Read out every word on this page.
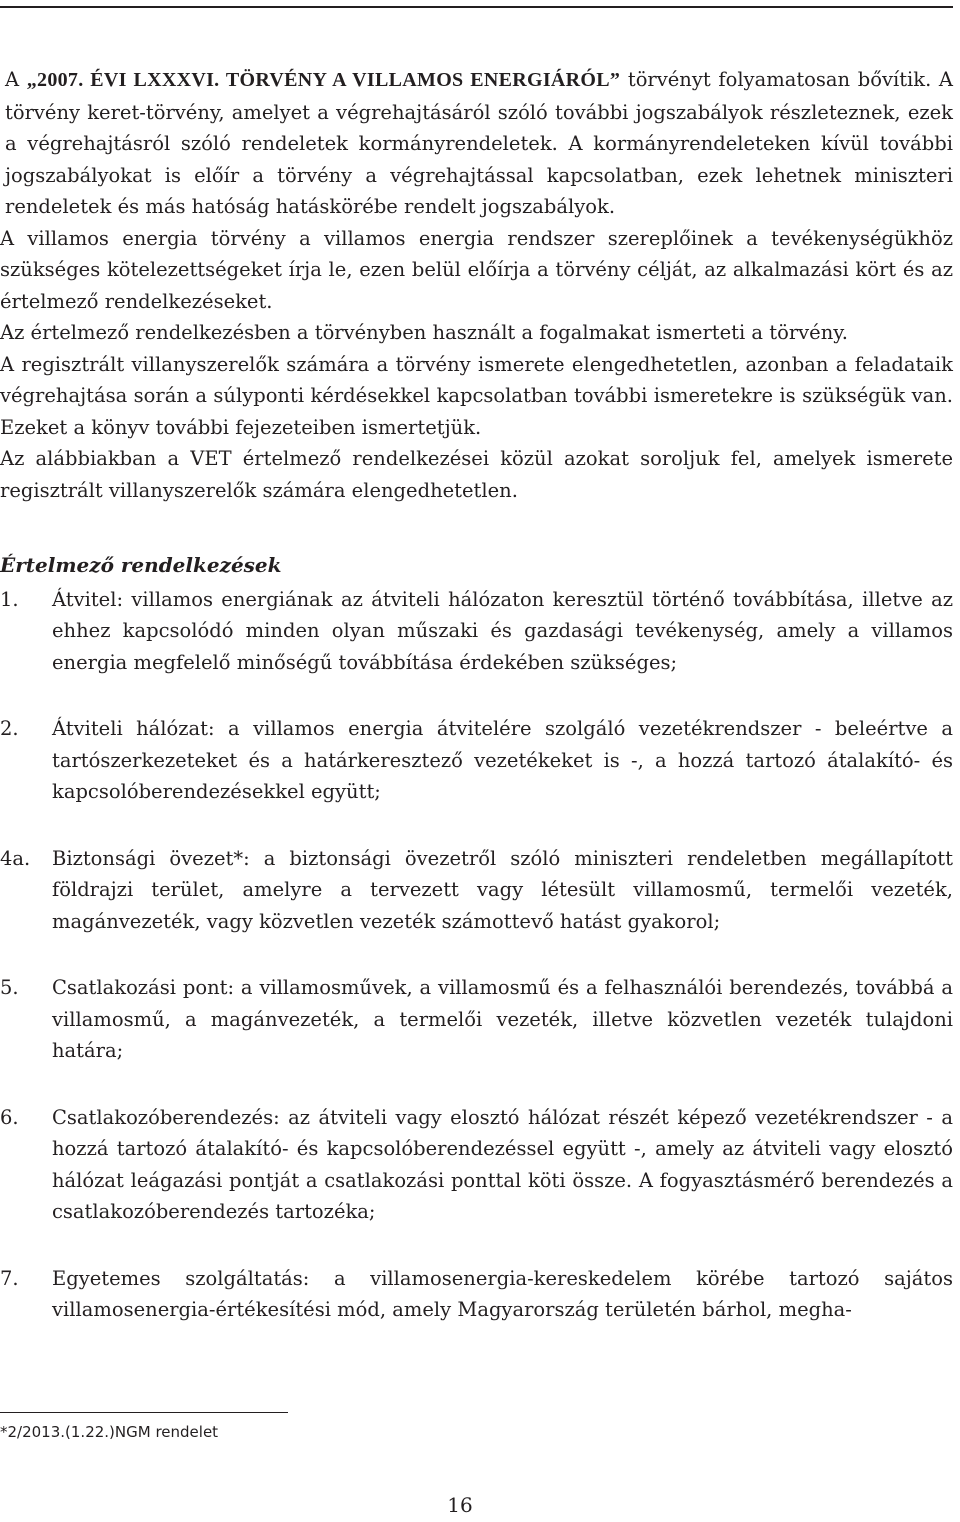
A „2007. ÉVI LXXXVI. TÖRVÉNY A VILLAMOS ENERGIÁRÓL” törvényt folyamatosan bővítik. A törvény keret-törvény, amelyet a végrehajtásáról szóló további jogszabályok részleteznek, ezek a végrehajtásról szóló rendeletek kormányrendeletek. A kormányrendeleteken kívül további jogszabályokat is előír a törvény a végrehajtással kapcsolatban, ezek lehetnek miniszteri rendeletek és más hatóság hatáskörébe rendelt jogszabályok.

A villamos energia törvény a villamos energia rendszer szereplőinek a tevékenységükhöz szükséges kötelezettségeket írja le, ezen belül előírja a törvény célját, az alkalmazási kört és az értelmező rendelkezéseket.

Az értelmező rendelkezésben a törvényben használt a fogalmakat ismerteti a törvény.

A regisztrált villanyszerelők számára a törvény ismerete elengedhetetlen, azonban a feladataik végrehajtása során a súlyponti kérdésekkel kapcsolatban további ismeretekre is szükségük van. Ezeket a könyv további fejezeteiben ismertetjük.

Az alábbiakban a VET értelmező rendelkezései közül azokat soroljuk fel, amelyek ismerete regisztrált villanyszerelők számára elengedhetetlen.

Értelmező rendelkezések
1. Átvitel: villamos energiának az átviteli hálózaton keresztül történő továbbítása, illetve az ehhez kapcsolódó minden olyan műszaki és gazdasági tevékenység, amely a villamos energia megfelelő minőségű továbbítása érdekében szükséges;
2. Átviteli hálózat: a villamos energia átvitelére szolgáló vezetékrendszer - beleértve a tartószerkezeteket és a határkeresztező vezetékeket is -, a hozzá tartozó átalakító- és kapcsolóberendezésekkel együtt;
4a. Biztonsági övezet*: a biztonsági övezetről szóló miniszteri rendeletben megállapított földrajzi terület, amelyre a tervezett vagy létesült villamosmű, termelői vezeték, magánvezeték, vagy közvetlen vezeték számottevő hatást gyakorol;
5. Csatlakozási pont: a villamosművek, a villamosmű és a felhasználói berendezés, továbbá a villamosmű, a magánvezeték, a termelői vezeték, illetve közvetlen vezeték tulajdoni határa;
6. Csatlakozóberendezés: az átviteli vagy elosztó hálózat részét képező vezetékrendszer - a hozzá tartozó átalakító- és kapcsolóberendezéssel együtt -, amely az átviteli vagy elosztó hálózat leágazási pontját a csatlakozási ponttal köti össze. A fogyasztásmérő berendezés a csatlakozóberendezés tartozéka;
7. Egyetemes szolgáltatás: a villamosenergia-kereskedelem körébe tartozó sajátos villamosenergia-értékesítési mód, amely Magyarország területén bárhol, megha-
*2/2013.(1.22.)NGM rendelet
16
